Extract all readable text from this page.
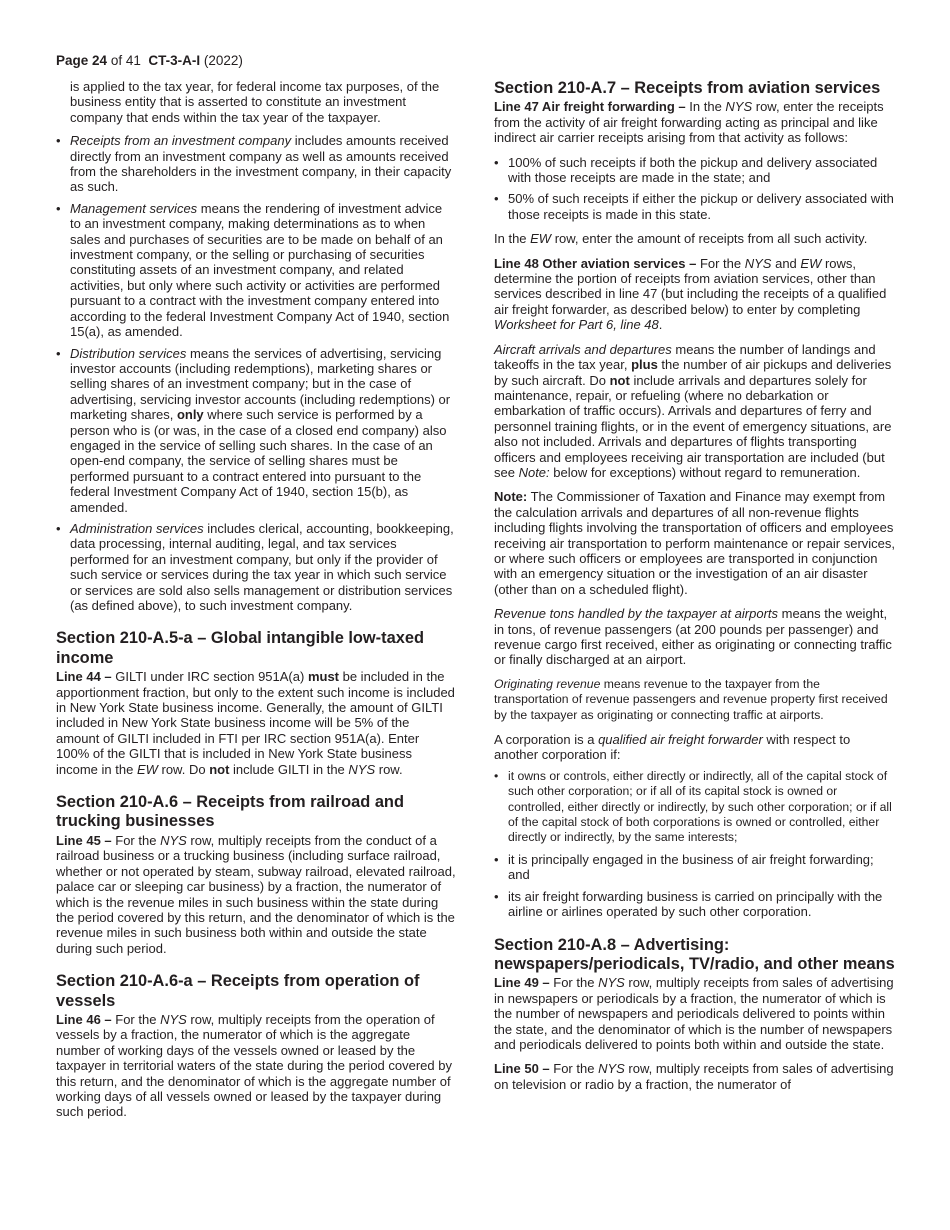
Page 24 of 41 CT-3-A-I (2022)

is applied to the tax year, for federal income tax purposes, of the business entity that is asserted to constitute an investment company that ends within the tax year of the taxpayer.

• Receipts from an investment company includes amounts received directly from an investment company as well as amounts received from the shareholders in the investment company, in their capacity as such.
• Management services means the rendering of investment advice to an investment company, making determinations as to when sales and purchases of securities are to be made on behalf of an investment company, or the selling or purchasing of securities constituting assets of an investment company, and related activities, but only where such activity or activities are performed pursuant to a contract with the investment company entered into according to the federal Investment Company Act of 1940, section 15(a), as amended.
• Distribution services means the services of advertising, servicing investor accounts (including redemptions), marketing shares or selling shares of an investment company; but in the case of advertising, servicing investor accounts (including redemptions) or marketing shares, only where such service is performed by a person who is (or was, in the case of a closed end company) also engaged in the service of selling such shares. In the case of an open-end company, the service of selling shares must be performed pursuant to a contract entered into pursuant to the federal Investment Company Act of 1940, section 15(b), as amended.
• Administration services includes clerical, accounting, bookkeeping, data processing, internal auditing, legal, and tax services performed for an investment company, but only if the provider of such service or services during the tax year in which such service or services are sold also sells management or distribution services (as defined above), to such investment company.
Section 210-A.5-a – Global intangible low-taxed income

Line 44 – GILTI under IRC section 951A(a) must be included in the apportionment fraction, but only to the extent such income is included in New York State business income. Generally, the amount of GILTI included in New York State business income will be 5% of the amount of GILTI included in FTI per IRC section 951A(a). Enter 100% of the GILTI that is included in New York State business income in the EW row. Do not include GILTI in the NYS row.

Section 210-A.6 – Receipts from railroad and trucking businesses

Line 45 – For the NYS row, multiply receipts from the conduct of a railroad business or a trucking business (including surface railroad, whether or not operated by steam, subway railroad, elevated railroad, palace car or sleeping car business) by a fraction, the numerator of which is the revenue miles in such business within the state during the period covered by this return, and the denominator of which is the revenue miles in such business both within and outside the state during such period.

Section 210-A.6-a – Receipts from operation of vessels

Line 46 – For the NYS row, multiply receipts from the operation of vessels by a fraction, the numerator of which is the aggregate number of working days of the vessels owned or leased by the taxpayer in territorial waters of the state during the period covered by this return, and the denominator of which is the aggregate number of working days of all vessels owned or leased by the taxpayer during such period.

Section 210-A.7 – Receipts from aviation services

Line 47 Air freight forwarding – In the NYS row, enter the receipts from the activity of air freight forwarding acting as principal and like indirect air carrier receipts arising from that activity as follows:

• 100% of such receipts if both the pickup and delivery associated with those receipts are made in the state; and
• 50% of such receipts if either the pickup or delivery associated with those receipts is made in this state.

In the EW row, enter the amount of receipts from all such activity.

Line 48 Other aviation services – For the NYS and EW rows, determine the portion of receipts from aviation services, other than services described in line 47 (but including the receipts of a qualified air freight forwarder, as described below) to enter by completing Worksheet for Part 6, line 48.

Aircraft arrivals and departures means the number of landings and takeoffs in the tax year, plus the number of air pickups and deliveries by such aircraft. Do not include arrivals and departures solely for maintenance, repair, or refueling (where no debarkation or embarkation of traffic occurs). Arrivals and departures of ferry and personnel training flights, or in the event of emergency situations, are also not included. Arrivals and departures of flights transporting officers and employees receiving air transportation are included (but see Note: below for exceptions) without regard to remuneration.

Note: The Commissioner of Taxation and Finance may exempt from the calculation arrivals and departures of all non-revenue flights including flights involving the transportation of officers and employees receiving air transportation to perform maintenance or repair services, or where such officers or employees are transported in conjunction with an emergency situation or the investigation of an air disaster (other than on a scheduled flight).

Revenue tons handled by the taxpayer at airports means the weight, in tons, of revenue passengers (at 200 pounds per passenger) and revenue cargo first received, either as originating or connecting traffic or finally discharged at an airport.

Originating revenue means revenue to the taxpayer from the transportation of revenue passengers and revenue property first received by the taxpayer as originating or connecting traffic at airports.

A corporation is a qualified air freight forwarder with respect to another corporation if:

• it owns or controls, either directly or indirectly, all of the capital stock of such other corporation; or if all of its capital stock is owned or controlled, either directly or indirectly, by such other corporation; or if all of the capital stock of both corporations is owned or controlled, either directly or indirectly, by the same interests;
• it is principally engaged in the business of air freight forwarding; and
• its air freight forwarding business is carried on principally with the airline or airlines operated by such other corporation.
Section 210-A.8 – Advertising: newspapers/periodicals, TV/radio, and other means

Line 49 – For the NYS row, multiply receipts from sales of advertising in newspapers or periodicals by a fraction, the numerator of which is the number of newspapers and periodicals delivered to points within the state, and the denominator of which is the number of newspapers and periodicals delivered to points both within and outside the state.

Line 50 – For the NYS row, multiply receipts from sales of advertising on television or radio by a fraction, the numerator of
